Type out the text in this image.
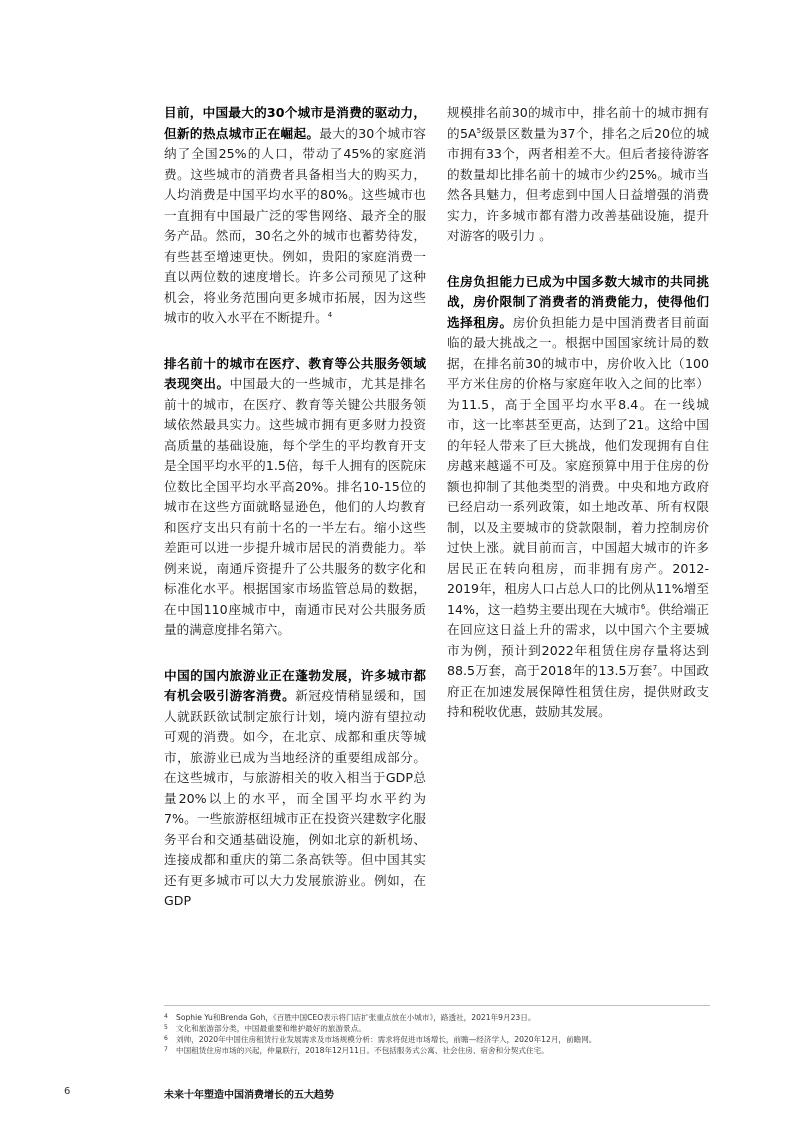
目前，中国最大的30个城市是消费的驱动力，但新的热点城市正在崛起。最大的30个城市容纳了全国25%的人口，带动了45%的家庭消费。这些城市的消费者具备相当大的购买力，人均消费是中国平均水平的80%。这些城市也一直拥有中国最广泛的零售网络、最齐全的服务产品。然而，30名之外的城市也蓄势待发，有些甚至增速更快。例如，贵阳的家庭消费一直以两位数的速度增长。许多公司预见了这种机会，将业务范围向更多城市拓展，因为这些城市的收入水平在不断提升。$^4$

排名前十的城市在医疗、教育等公共服务领域表现突出。中国最大的一些城市，尤其是排名前十的城市，在医疗、教育等关键公共服务领域依然最具实力。这些城市拥有更多财力投资高质量的基础设施，每个学生的平均教育开支是全国平均水平的1.5倍，每千人拥有的医院床位数比全国平均水平高20%。排名10-15位的城市在这些方面就略显逊色，他们的人均教育和医疗支出只有前十名的一半左右。缩小这些差距可以进一步提升城市居民的消费能力。举例来说，南通斥资提升了公共服务的数字化和标准化水平。根据国家市场监管总局的数据，在中国110座城市中，南通市民对公共服务质量的满意度排名第六。

中国的国内旅游业正在蓬勃发展，许多城市都有机会吸引游客消费。新冠疫情稍显缓和，国人就跃跃欲试制定旅行计划，境内游有望拉动可观的消费。如今，在北京、成都和重庆等城市，旅游业已成为当地经济的重要组成部分。在这些城市，与旅游相关的收入相当于GDP总量20%以上的水平，而全国平均水平约为7%。一些旅游枢纽城市正在投资兴建数字化服务平台和交通基础设施，例如北京的新机场、连接成都和重庆的第二条高铁等。但中国其实还有更多城市可以大力发展旅游业。例如，在GDP

规模排名前30的城市中，排名前十的城市拥有的$5A^5$级景区数量为37个，排名之后20位的城市拥有33个，两者相差不大。但后者接待游客的数量却比排名前十的城市少约25%。城市当然各具魅力，但考虑到中国人日益增强的消费实力，许多城市都有潜力改善基础设施，提升对游客的吸引力 。

住房负担能力已成为中国多数大城市的共同挑战，房价限制了消费者的消费能力，使得他们选择租房。房价负担能力是中国消费者目前面临的最大挑战之一。根据中国国家统计局的数据，在排名前30的城市中，房价收入比（100平方米住房的价格与家庭年收入之间的比率）为11.5，高于全国平均水平8.4。在一线城市，这一比率甚至更高，达到了21。这给中国的年轻人带来了巨大挑战，他们发现拥有自住房越来越遥不可及。家庭预算中用于住房的份额也抑制了其他类型的消费。中央和地方政府已经启动一系列政策，如土地改革、所有权限制，以及主要城市的贷款限制，着力控制房价过快上涨。就目前而言，中国超大城市的许多居民正在转向租房，而非拥有房产。2012-2019年，租房人口占总人口的比例从11%增至14%，这一趋势主要出现在大城市$^6$。供给端正在回应这日益上升的需求，以中国六个主要城市为例，预计到2022年租赁住房存量将达到88.5万套，高于2018年的13.5万套$^7$。中国政府正在加速发展保障性租赁住房，提供财政支持和税收优惠，鼓励其发展。

4	Sophie Yu和Brenda Goh，《百胜中国CEO表示将门店扩张重点放在小城市》，路透社，2021年9月23日。
5	文化和旅游部分类，中国最重要和维护最好的旅游景点。
6	刘帅，2020年中国住房租赁行业发展需求及市场规模分析：需求将促进市场增长，前瞻—经济学人，2020年12月，前瞻网。
7	中国租赁住房市场的兴起，仲量联行，2018年12月11日。不包括服务式公寓、社会住房、宿舍和分契式住宅。
6	未来十年塑造中国消费增长的五大趋势
